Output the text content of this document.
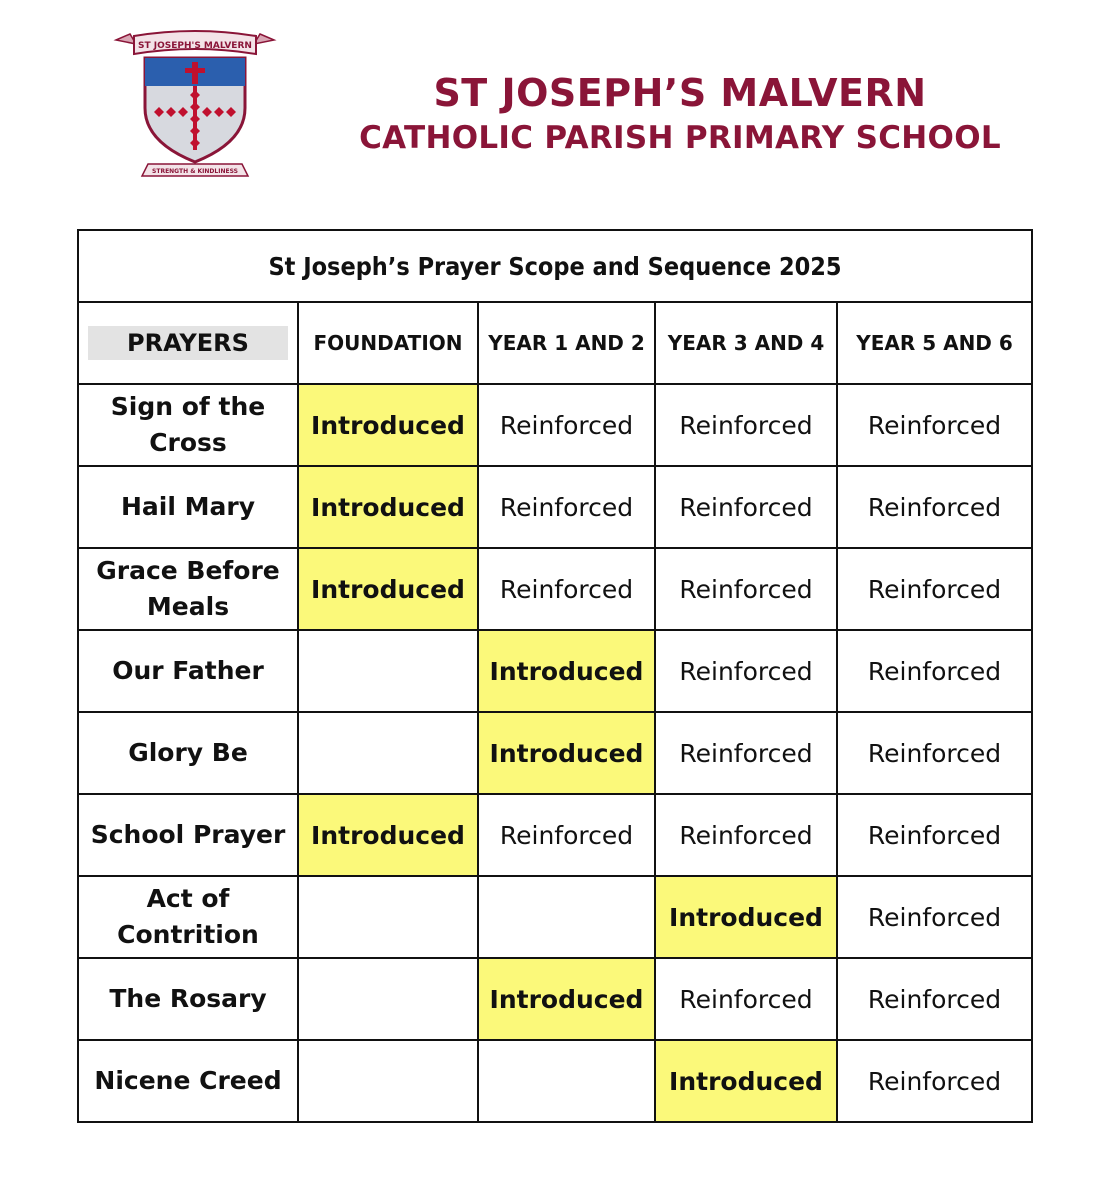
ST JOSEPH'S MALVERN
STRENGTH & KINDLINESS
ST JOSEPH’S MALVERN
CATHOLIC PARISH PRIMARY SCHOOL
St Joseph’s Prayer Scope and Sequence 2025				
PRAYERS	FOUNDATION	YEAR 1 AND 2	YEAR 3 AND 4	YEAR 5 AND 6
Sign of the Cross	Introduced	Reinforced	Reinforced	Reinforced
Hail Mary	Introduced	Reinforced	Reinforced	Reinforced
Grace Before Meals	Introduced	Reinforced	Reinforced	Reinforced
Our Father		Introduced	Reinforced	Reinforced
Glory Be		Introduced	Reinforced	Reinforced
School Prayer	Introduced	Reinforced	Reinforced	Reinforced
Act of Contrition			Introduced	Reinforced
The Rosary		Introduced	Reinforced	Reinforced
Nicene Creed			Introduced	Reinforced
